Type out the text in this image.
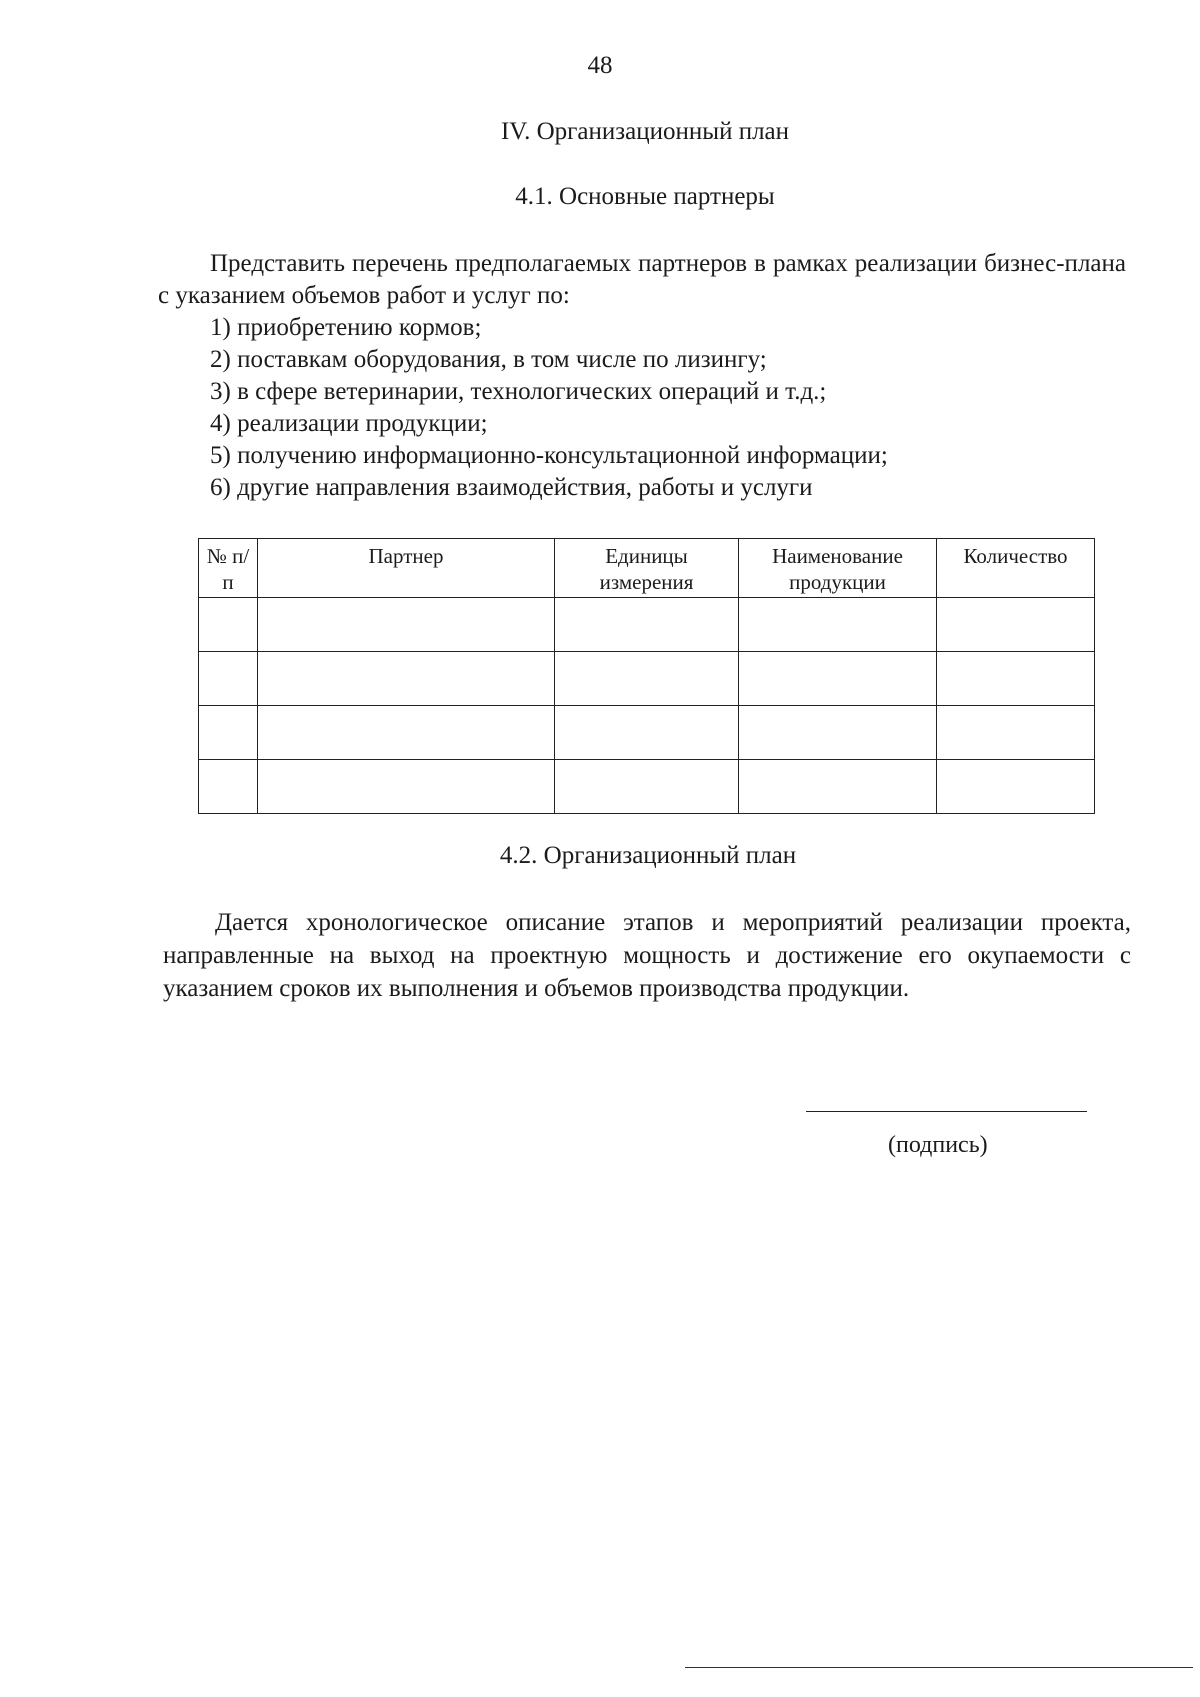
48
IV. Организационный план
4.1. Основные партнеры
Представить перечень предполагаемых партнеров в рамках реализации бизнес-плана с указанием объемов работ и услуг по:
1) приобретению кормов;
2) поставкам оборудования, в том числе по лизингу;
3) в сфере ветеринарии, технологических операций и т.д.;
4) реализации продукции;
5) получению информационно-консультационной информации;
6) другие направления взаимодействия, работы и услуги
№ п/п	Партнер	Единицы измерения	Наименование продукции	Количество

4.2. Организационный план
Дается хронологическое описание этапов и мероприятий реализации проекта, направленные на выход на проектную мощность и достижение его окупаемости с указанием сроков их выполнения и объемов производства продукции.
(подпись)
